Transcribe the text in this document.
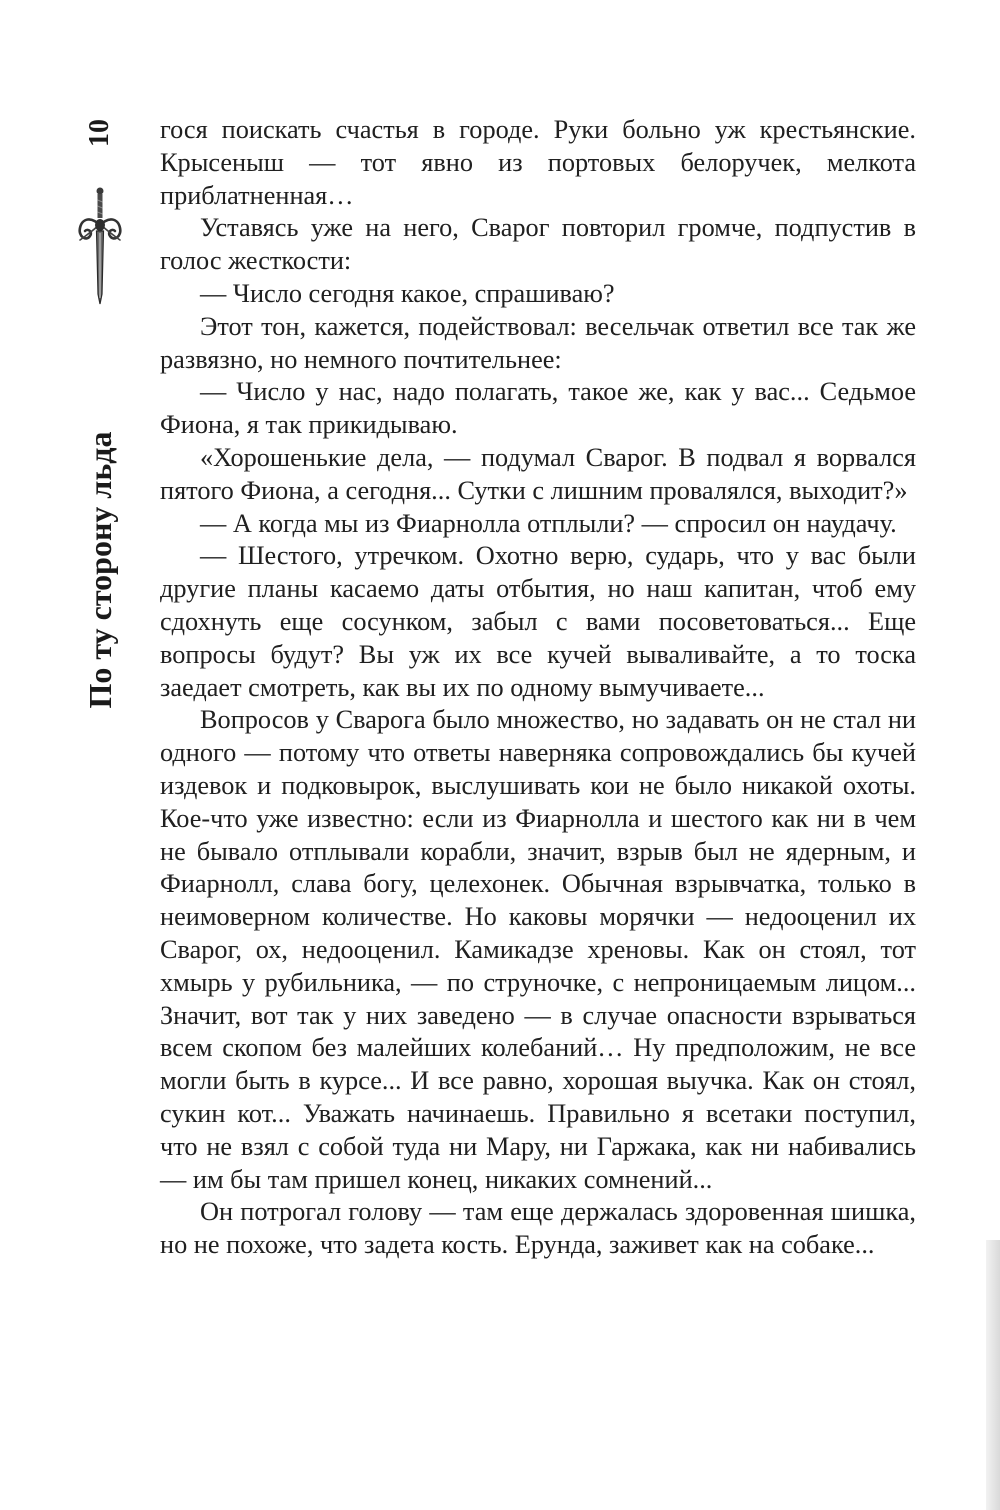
10
По ту сторону льда

гося поискать счастья в городе. Руки больно уж крестьянские. Крысеныш — тот явно из портовых белоручек, мелкота приблатненная…

Уставясь уже на него, Сварог повторил громче, подпустив в голос жесткости:

— Число сегодня какое, спрашиваю?

Этот тон, кажется, подействовал: весельчак ответил все так же развязно, но немного почтительнее:

— Число у нас, надо полагать, такое же, как у вас... Седьмое Фиона, я так прикидываю.

«Хорошенькие дела, — подумал Сварог. В подвал я ворвался пятого Фиона, а сегодня... Сутки с лишним провалялся, выходит?»

— А когда мы из Фиарнолла отплыли? — спросил он наудачу.

— Шестого, утречком. Охотно верю, сударь, что у вас были другие планы касаемо даты отбытия, но наш капитан, чтоб ему сдохнуть еще сосунком, забыл с вами посоветоваться... Еще вопросы будут? Вы уж их все кучей вываливайте, а то тоска заедает смотреть, как вы их по одному вымучиваете...

Вопросов у Сварога было множество, но задавать он не стал ни одного — потому что ответы наверняка сопровождались бы кучей издевок и подковырок, выслушивать кои не было никакой охоты. Кое-что уже известно: если из Фиарнолла и шестого как ни в чем не бывало отплывали корабли, значит, взрыв был не ядерным, и Фиарнолл, слава богу, целехонек. Обычная взрывчатка, только в неимоверном количестве. Но каковы морячки — недооценил их Сварог, ох, недооценил. Камикадзе хреновы. Как он стоял, тот хмырь у рубильника, — по струночке, с непроницаемым лицом... Значит, вот так у них заведено — в случае опасности взрываться всем скопом без малейших колебаний… Ну предположим, не все могли быть в курсе... И все равно, хорошая выучка. Как он стоял, сукин кот... Уважать начинаешь. Правильно я всетаки поступил, что не взял с собой туда ни Мару, ни Гаржака, как ни набивались — им бы там пришел конец, никаких сомнений...

Он потрогал голову — там еще держалась здоровенная шишка, но не похоже, что задета кость. Ерунда, заживет как на собаке...
